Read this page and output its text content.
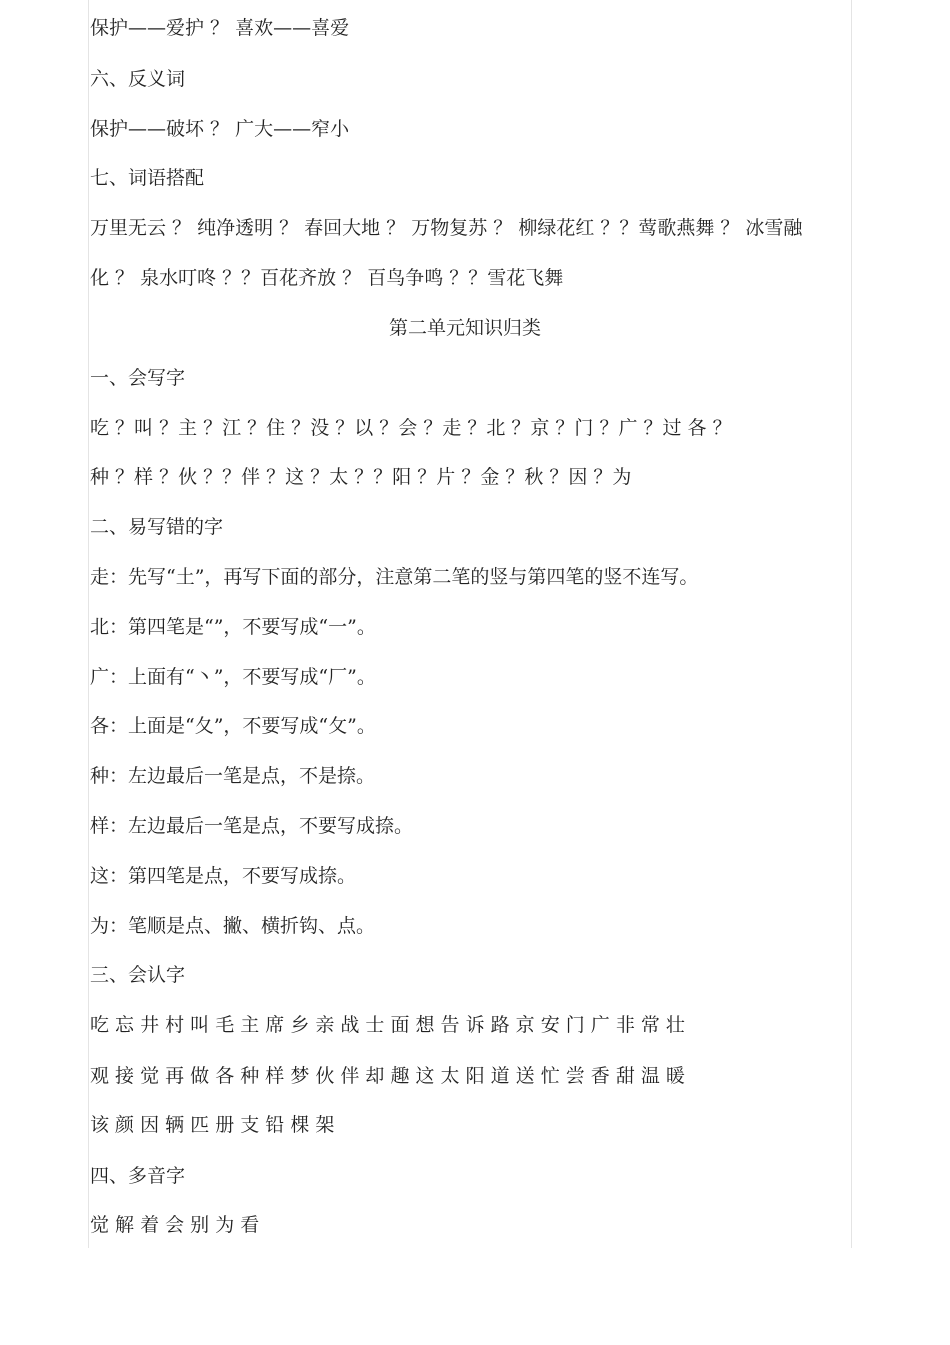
保护——爱护 ？ 喜欢——喜爱
六、反义词
保护——破坏 ？ 广大——窄小
七、词语搭配
万里无云 ？ 纯净透明 ？ 春回大地 ？ 万物复苏 ？ 柳绿花红 ？？莺歌燕舞 ？ 冰雪融
化 ？ 泉水叮咚 ？？百花齐放 ？ 百鸟争鸣 ？？雪花飞舞
第二单元知识归类
一、会写字
吃 ？叫 ？主 ？江 ？住 ？没 ？以 ？会 ？走 ？北 ？京 ？门 ？广 ？过 各 ？
种 ？样 ？伙 ？？伴 ？这 ？太 ？？阳 ？片 ？金 ？秋 ？因 ？为
二、易写错的字
走：先写“土”，再写下面的部分，注意第二笔的竖与第四笔的竖不连写。
北：第四笔是“”，不要写成“一”。
广：上面有“丶”，不要写成“厂”。
各：上面是“夂”，不要写成“攵”。
种：左边最后一笔是点，不是捺。
样：左边最后一笔是点，不要写成捺。
这：第四笔是点，不要写成捺。
为：笔顺是点、撇、横折钩、点。
三、会认字
吃 忘 井 村 叫 毛 主 席 乡 亲 战 士 面 想 告 诉 路 京 安 门 广 非 常 壮
观 接 觉 再 做 各 种 样 梦 伙 伴 却 趣 这 太 阳 道 送 忙 尝 香 甜 温 暖
该 颜 因 辆 匹 册 支 铅 棵 架
四、多音字
觉 解 着 会 别 为 看
